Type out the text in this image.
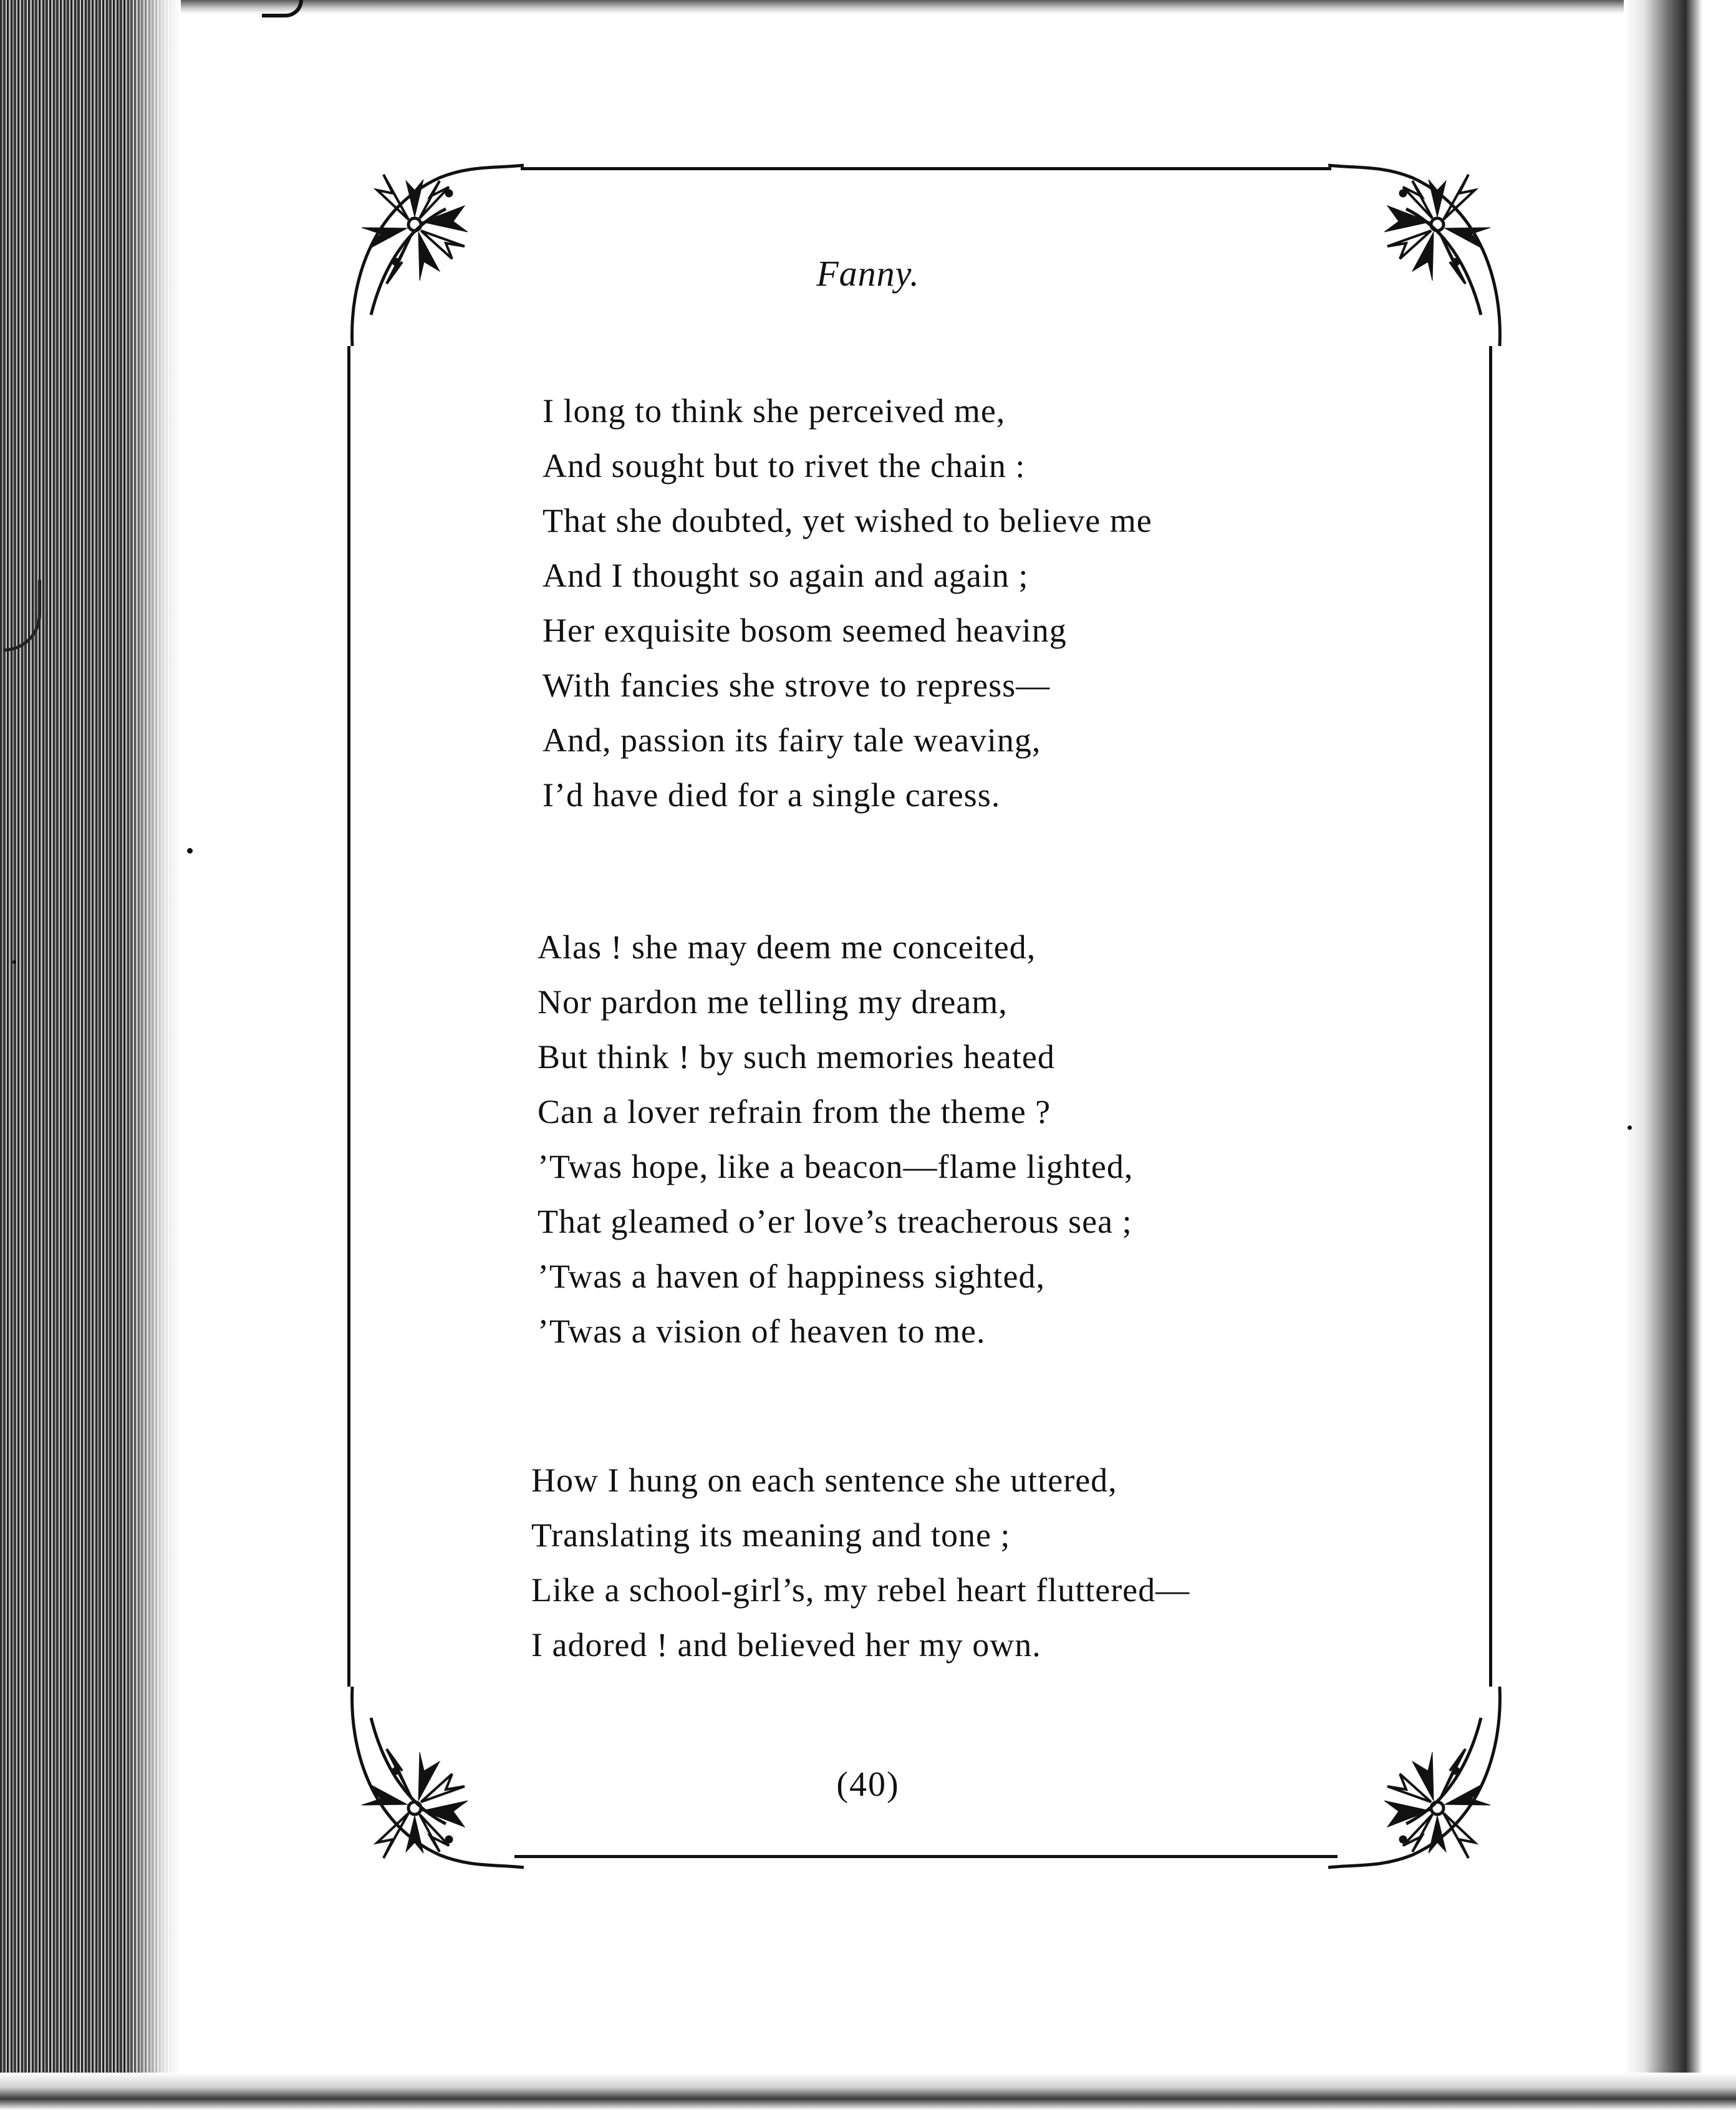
Fanny.
I long to think she perceived me,
And sought but to rivet the chain :
That she doubted, yet wished to believe me
And I thought so again and again ;
Her exquisite bosom seemed heaving
With fancies she strove to repress—
And, passion its fairy tale weaving,
I’d have died for a single caress.
Alas ! she may deem me conceited,
Nor pardon me telling my dream,
But think ! by such memories heated
Can a lover refrain from the theme ?
’Twas hope, like a beacon—flame lighted,
That gleamed o’er love’s treacherous sea ;
’Twas a haven of happiness sighted,
’Twas a vision of heaven to me.
How I hung on each sentence she uttered,
Translating its meaning and tone ;
Like a school-girl’s, my rebel heart fluttered—
I adored ! and believed her my own.
(40)
